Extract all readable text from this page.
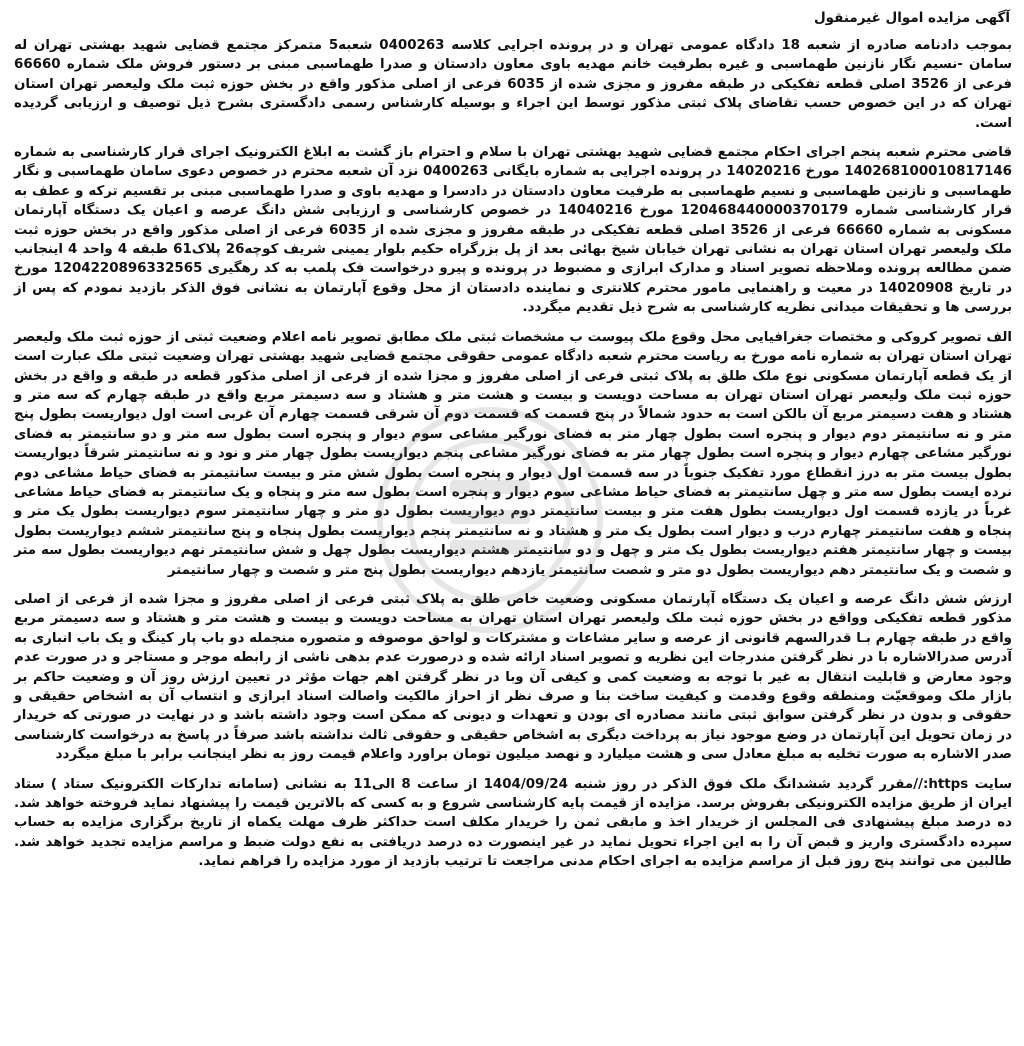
آگهی مزایده اموال غیرمنقول

بموجب دادنامه صادره از شعبه 18 دادگاه عمومی تهران و در پرونده اجرایی کلاسه 0400263 شعبه5 متمرکز مجتمع قضایی شهید بهشتی تهران له سامان -نسیم نگار نازنین طهماسبی و غیره بطرفیت خانم مهدیه باوی معاون دادستان و صدرا طهماسبی مبنی بر دستور فروش ملک شماره 66660 فرعی از 3526 اصلی قطعه تفکیکی در طبقه مفروز و مجزی شده از 6035 فرعی از اصلی مذکور واقع در بخش حوزه ثبت ملک ولیعصر تهران استان تهران که در این خصوص حسب تقاضای پلاک ثبتی مذکور توسط این اجراء و بوسیله کارشناس رسمی دادگستری بشرح ذیل توصیف و ارزیابی گردیده است.

قاضی محترم شعبه پنجم اجرای احکام مجتمع قضایی شهید بهشتی تهران با سلام و احترام باز گشت به ابلاغ الکترونیک اجرای قرار کارشناسی به شماره 140268100010817146 مورخ 14020216 در پرونده اجرایی به شماره بایگانی 0400263 نزد آن شعبه محترم در خصوص دعوی سامان طهماسبی و نگار طهماسبی و نازنین طهماسبی و نسیم طهماسبی به طرفیت معاون دادستان در دادسرا و مهدیه باوی و صدرا طهماسبی مبنی بر تقسیم ترکه و عطف به قرار کارشناسی شماره 120468440000370179 مورخ 14040216 در خصوص کارشناسی و ارزیابی شش دانگ عرصه و اعیان یک دستگاه آپارتمان مسکونی به شماره 66660 فرعی از 3526 اصلی قطعه تفکیکی در طبقه مفروز و مجزی شده از 6035 فرعی از اصلی مذکور واقع در بخش حوزه ثبت ملک ولیعصر تهران استان تهران به نشانی تهران خیابان شیخ بهائی بعد از پل بزرگراه حکیم بلوار یمینی شریف کوچه26 پلاک61 طبقه 4 واحد 4 اینجانب ضمن مطالعه پرونده وملاحظه تصویر اسناد و مدارک ابرازی و مضبوط در پرونده و پیرو درخواست فک پلمب به کد رهگیری 1204220896332565 مورخ در تاریخ 14020908 در معیت و راهنمایی مامور محترم کلانتری و نماینده دادستان از محل وقوع آپارتمان به نشانی فوق الذکر بازدید نمودم که پس از بررسی ها و تحقیقات میدانی نظریه کارشناسی به شرح ذیل تقدیم میگردد.

الف تصویر کروکی و مختصات جغرافیایی محل وقوع ملک پیوست ب مشخصات ثبتی ملک مطابق تصویر نامه اعلام وضعیت ثبتی از حوزه ثبت ملک ولیعصر تهران استان تهران به شماره نامه مورخ به ریاست محترم شعبه دادگاه عمومی حقوقی مجتمع قضایی شهید بهشتی تهران وضعیت ثبتی ملک عبارت است از یک قطعه آپارتمان مسکونی نوع ملک طلق به پلاک ثبتی فرعی از اصلی مفروز و مجزا شده از فرعی از اصلی مذکور قطعه در طبقه و واقع در بخش حوزه ثبت ملک ولیعصر تهران استان تهران به مساحت دویست و بیست و هشت متر و هشتاد و سه دسیمتر مربع واقع در طبقه چهارم که سه متر و هشتاد و هفت دسیمتر مربع آن بالکن است به حدود شمالاً در پنج قسمت که قسمت دوم آن شرقی قسمت چهارم آن غربی است اول دیواریست بطول پنج متر و نه سانتیمتر دوم دیوار و پنجره است بطول چهار متر به فضای نورگیر مشاعی سوم دیوار و پنجره است بطول سه متر و دو سانتیمتر به فضای نورگیر مشاعی چهارم دیوار و پنجره است بطول چهار متر به فضای نورگیر مشاعی پنجم دیواریست بطول چهار متر و نود و نه سانتیمتر شرقاً دیواریست بطول بیست متر به درز انقطاع مورد تفکیک جنوباً در سه قسمت اول دیوار و پنجره است بطول شش متر و بیست سانتیمتر به فضای حیاط مشاعی دوم نرده ایست بطول سه متر و چهل سانتیمتر به فضای حیاط مشاعی سوم دیوار و پنجره است بطول سه متر و پنجاه و یک سانتیمتر به فضای حیاط مشاعی غرباً در یازده قسمت اول دیواریست بطول هفت متر و بیست سانتیمتر دوم دیواریست بطول دو متر و چهار سانتیمتر سوم دیواریست بطول یک متر و پنجاه و هفت سانتیمتر چهارم درب و دیوار است بطول یک متر و هشتاد و نه سانتیمتر پنجم دیواریست بطول پنجاه و پنج سانتیمتر ششم دیواریست بطول بیست و چهار سانتیمتر هفتم دیواریست بطول یک متر و چهل و دو سانتیمتر هشتم دیواریست بطول چهل و شش سانتیمتر نهم دیواریست بطول سه متر و شصت و یک سانتیمتر دهم دیواریست بطول دو متر و شصت سانتیمتر یازدهم دیواریست بطول پنج متر و شصت و چهار سانتیمتر

ارزش شش دانگ عرصه و اعیان یک دستگاه آپارتمان مسکونی وضعیت خاص طلق به پلاک ثبتی فرعی از اصلی مفروز و مجزا شده از فرعی از اصلی مذکور قطعه تفکیکی وواقع در بخش حوزه ثبت ملک ولیعصر تهران استان تهران به مساحت دویست و بیست و هشت متر و هشتاد و سه دسیمتر مربع واقع در طبقه چهارم بـا قدرالسهم قانونی از عرصه و سایر مشاعات و مشترکات و لواحق موصوفه و متصوره منجمله دو باب پار کینگ و یک باب انباری به آدرس صدرالاشاره با در نظر گرفتن مندرجات این نظریه و تصویر اسناد ارائه شده و درصورت عدم بدهی ناشی از رابطه موجر و مستاجر و در صورت عدم وجود معارض و قابلیت انتقال به غیر با توجه به وضعیت کمی و کیفی آن وبا در نظر گرفتن اهم جهات مؤثر در تعیین ارزش روز آن و وضعیت حاکم بر بازار ملک وموقعیّت ومنطقه وقوع وقدمت و کیفیت ساخت بنا و صرف نظر از احراز مالکیت واصالت اسناد ابرازی و انتساب آن به اشخاص حقیقی و حقوقی و بدون در نظر گرفتن سوابق ثبتی مانند مصادره ای بودن و تعهدات و دیونی که ممکن است وجود داشته باشد و در نهایت در صورتی که خریدار در زمان تحویل این آپارتمان در وضع موجود نیاز به پرداخت دیگری به اشخاص حقیقی و حقوقی ثالث نداشته باشد صرفاً در پاسخ به درخواست کارشناسی صدر الاشاره به صورت تخلیه به مبلغ معادل سی و هشت میلیارد و نهصد میلیون تومان براورد واعلام قیمت روز به نظر اینجانب برابر با مبلغ میگردد

سایت https://مقرر گردید ششدانگ ملک فوق الذکر در روز شنبه 1404/09/24 از ساعت 8 الی11 به نشانی (سامانه تدارکات الکترونیک ستاد ) ستاد ایران از طریق مزایده الکترونیکی بفروش برسد. مزایده از قیمت پایه کارشناسی شروع و به کسی که بالاترین قیمت را پیشنهاد نماید فروخته خواهد شد. ده درصد مبلغ پیشنهادی فی المجلس از خریدار اخذ و مابقی ثمن را خریدار مکلف است حداکثر ظرف مهلت یکماه از تاریخ برگزاری مزایده به حساب سپرده دادگستری واریز و قبض آن را به این اجراء تحویل نماید در غیر اینصورت ده درصد دریافتی به نفع دولت ضبط و مراسم مزایده تجدید خواهد شد. طالبین می توانند پنج روز قبل از مراسم مزایده به اجرای احکام مدنی مراجعت تا ترتیب بازدید از مورد مزایده را فراهم نماید.
